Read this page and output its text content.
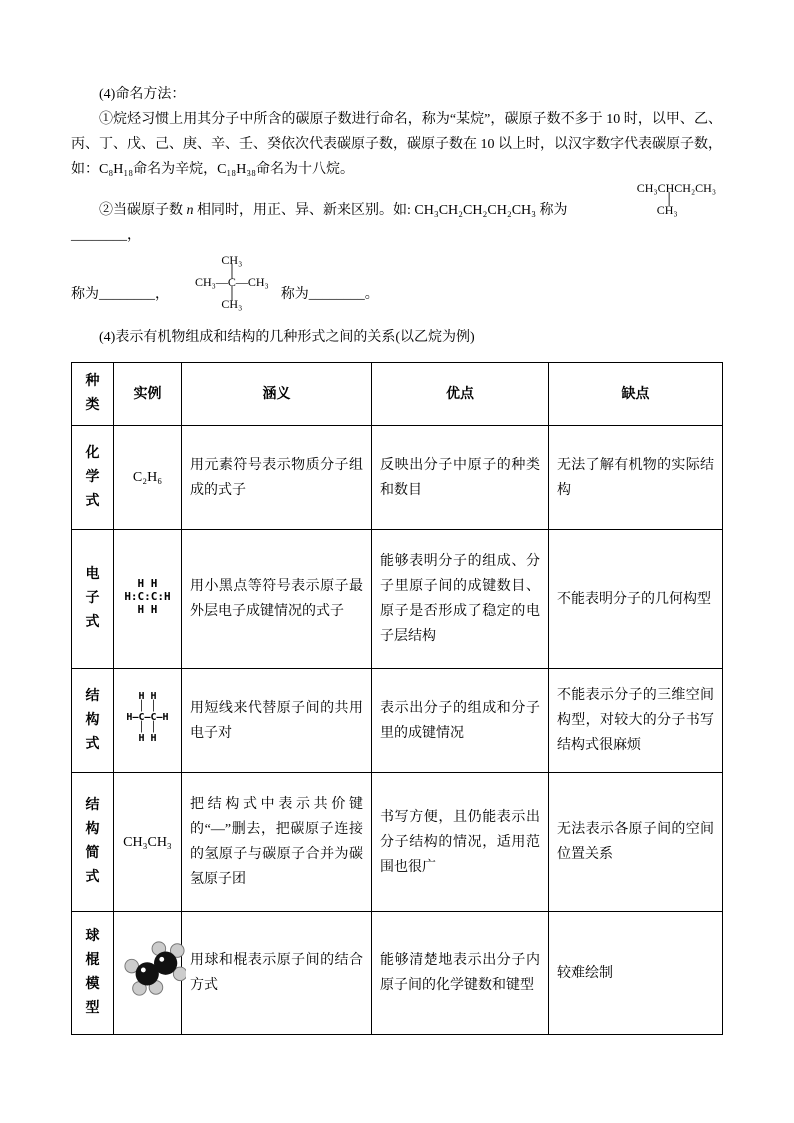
(4)命名方法：

①烷烃习惯上用其分子中所含的碳原子数进行命名，称为“某烷”，碳原子数不多于 10 时，以甲、乙、丙、丁、戊、己、庚、辛、壬、癸依次代表碳原子数，碳原子数在 10 以上时，以汉字数字代表碳原子数，如：C₈H₁₈命名为辛烷，C₁₈H₃₈命名为十八烷。

CH₃CHCH₂CH₃
│
CH₃
②当碳原子数 n 相同时，用正、异、新来区别。如: CH₃CH₂CH₂CH₂CH₃ 称为________，
称为________，
CH₃
│
CH₃—C—CH₃
│
CH₃
称为________。

(4)表示有机物组成和结构的几种形式之间的关系(以乙烷为例)

种类	实例	涵义	优点	缺点
化学式	C₂H₆	用元素符号表示物质分子组成的式子	反映出分子中原子的种类和数目	无法了解有机物的实际结构
电子式	H H
H:C:C:H
H H	用小黑点等符号表示原子最外层电子成键情况的式子	能够表明分子的组成、分子里原子间的成键数目、原子是否形成了稳定的电子层结构	不能表明分子的几何构型
结构式	H H
│ │
H—C—C—H
│ │
H H	用短线来代替原子间的共用电子对	表示出分子的组成和分子里的成键情况	不能表示分子的三维空间构型，对较大的分子书写结构式很麻烦
结构简式	CH₃CH₃	把结构式中表示共价键的“—”删去，把碳原子连接的氢原子与碳原子合并为碳氢原子团	书写方便，且仍能表示出分子结构的情况，适用范围也很广	无法表示各原子间的空间位置关系
球棍模型		用球和棍表示原子间的结合方式	能够清楚地表示出分子内原子间的化学键数和键型	较难绘制
